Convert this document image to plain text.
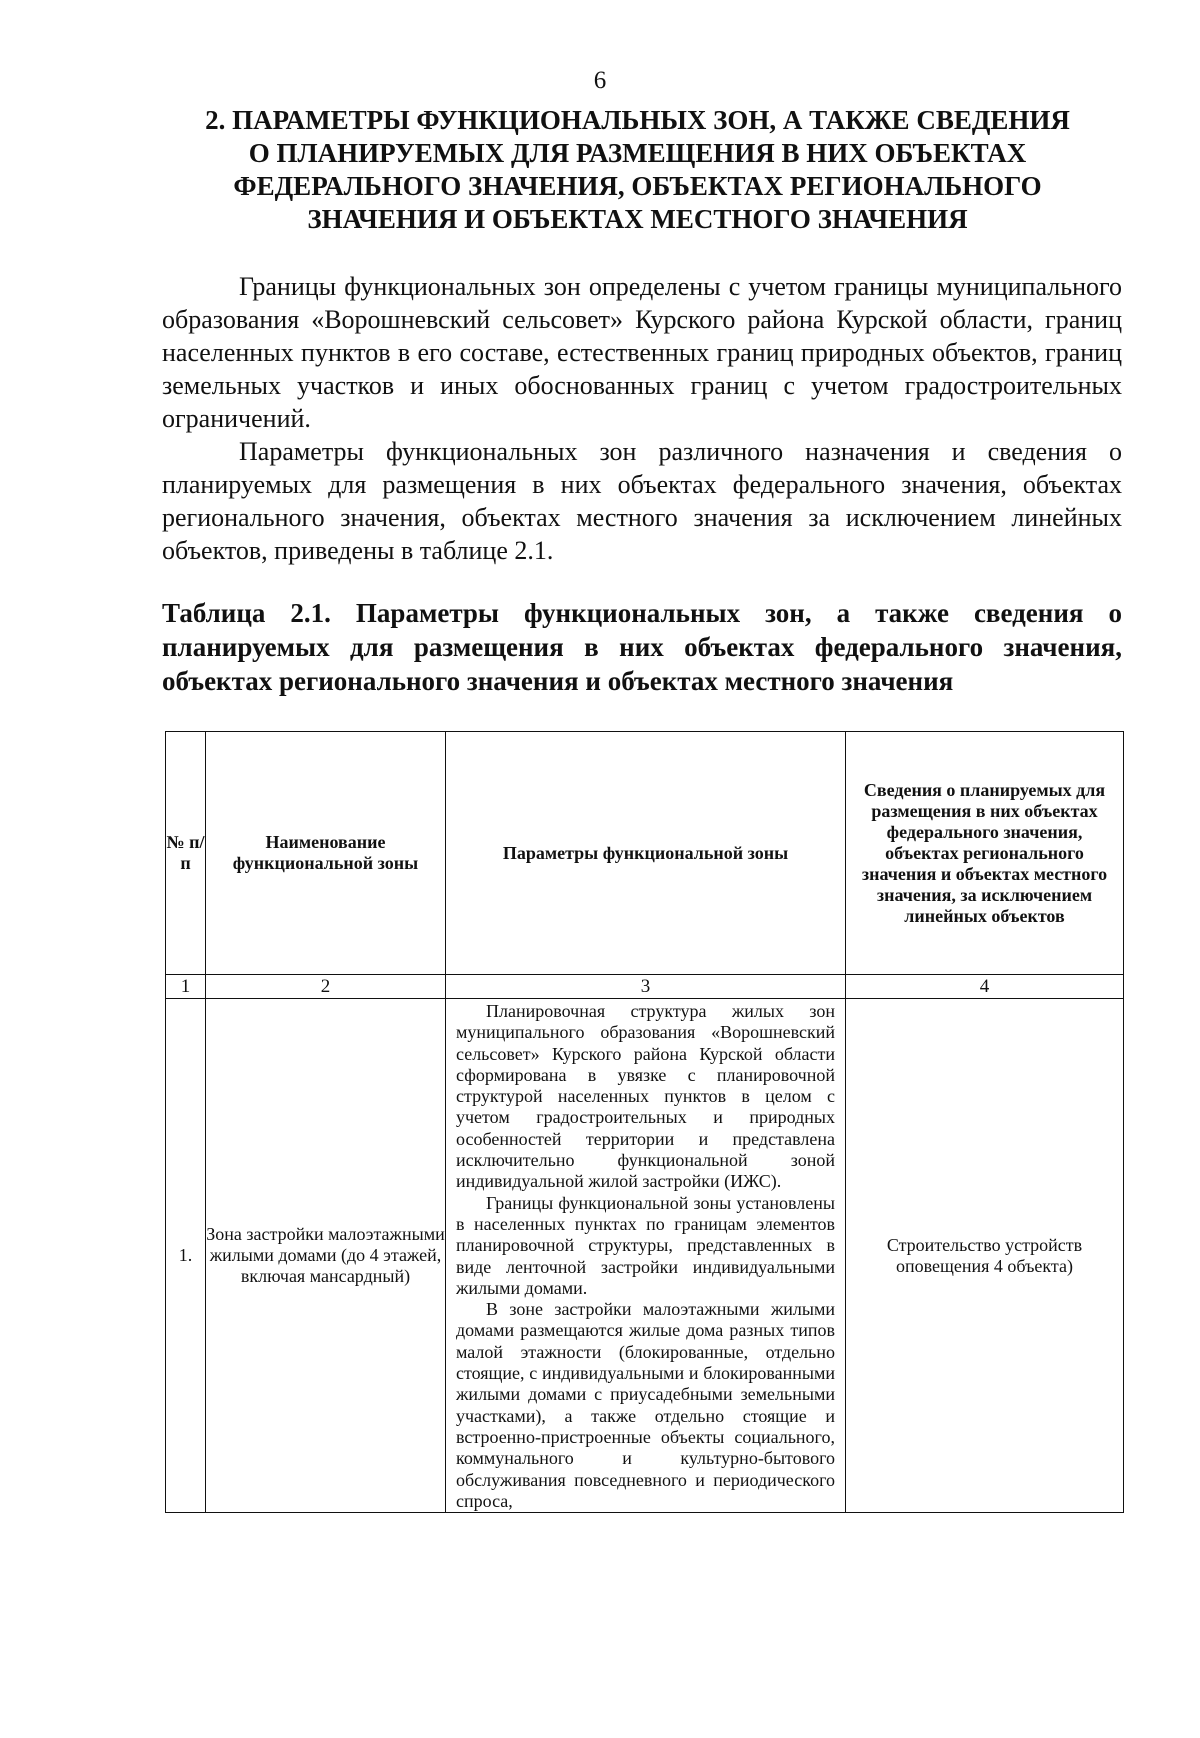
6
2. ПАРАМЕТРЫ ФУНКЦИОНАЛЬНЫХ ЗОН, А ТАКЖЕ СВЕДЕНИЯ
О ПЛАНИРУЕМЫХ ДЛЯ РАЗМЕЩЕНИЯ В НИХ ОБЪЕКТАХ
ФЕДЕРАЛЬНОГО ЗНАЧЕНИЯ, ОБЪЕКТАХ РЕГИОНАЛЬНОГО
ЗНАЧЕНИЯ И ОБЪЕКТАХ МЕСТНОГО ЗНАЧЕНИЯ

Границы функциональных зон определены с учетом границы муниципального образования «Ворошневский сельсовет» Курского района Курской области, границ населенных пунктов в его составе, естественных границ природных объектов, границ земельных участков и иных обоснованных границ с учетом градостроительных ограничений.

Параметры функциональных зон различного назначения и сведения о планируемых для размещения в них объектах федерального значения, объектах регионального значения, объектах местного значения за исключением линейных объектов, приведены в таблице 2.1.

Таблица 2.1. Параметры функциональных зон, а также сведения о планируемых для размещения в них объектах федерального значения, объектах регионального значения и объектах местного значения
№ п/п	Наименование функциональной зоны	Параметры функциональной зоны	Сведения о планируемых для размещения в них объектах федерального значения, объектах регионального значения и объектах местного значения, за исключением линейных объектов
1	2	3	4
1.	Зона застройки малоэтажными жилыми домами (до 4 этажей, включая мансардный)	Планировочная структура жилых зон муниципального образования «Ворошневский сельсовет» Курского района Курской области сформирована в увязке с планировочной структурой населенных пунктов в целом с учетом градостроительных и природных особенностей территории и представлена исключительно функциональной зоной индивидуальной жилой застройки (ИЖС).

Границы функциональной зоны установлены в населенных пунктах по границам элементов планировочной структуры, представленных в виде ленточной застройки индивидуальными жилыми домами.

В зоне застройки малоэтажными жилыми домами размещаются жилые дома разных типов малой этажности (блокированные, отдельно стоящие, с индивидуальными и блокированными жилыми домами с приусадебными земельными участками), а также отдельно стоящие и встроенно-пристроенные объекты социального, коммунального и культурно-бытового обслуживания повседневного и периодического спроса,	Строительство устройств оповещения 4 объекта)
